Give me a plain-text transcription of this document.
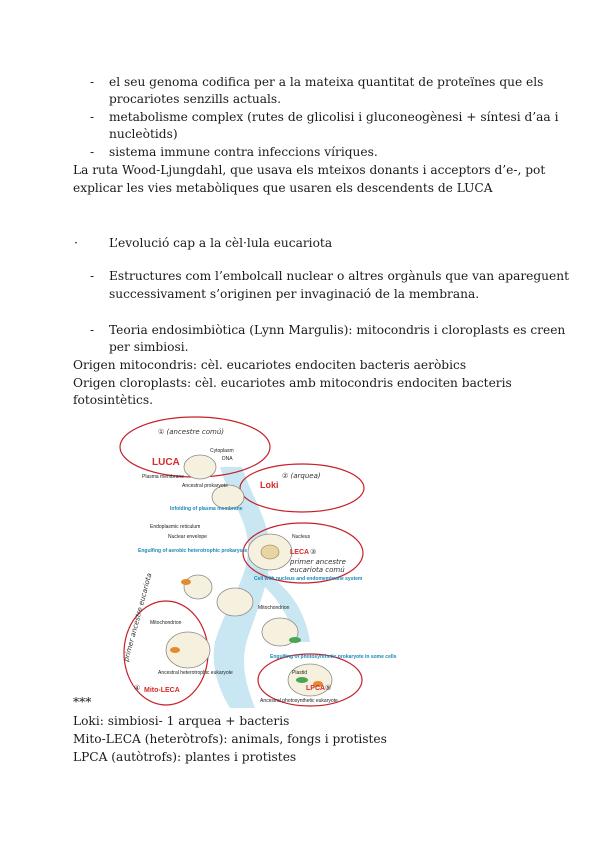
- el seu genoma codifica per a la mateixa quantitat de proteïnes que els
procariotes senzills actuals.
- metabolisme complex (rutes de glicolisi i gluconeogènesi + síntesi d’aa i
nucleòtids)
- sistema immune contra infeccions víriques.
La ruta Wood-Ljungdahl, que usava els mteixos donants i acceptors d’e-, pot
explicar les vies metabòliques que usaren els descendents de LUCA
·	L’evolució cap a la cèl·lula eucariota
- Estructures com l’embolcall nuclear o altres orgànuls que van apareguent
successivament s’originen per invaginació de la membrana.
- Teoria endosimbiòtica (Lynn Margulis): mitocondris i cloroplasts es creen
per simbiosi.
Origen mitocondris: cèl. eucariotes endociten bacteris aeròbics
Origen cloroplasts: cèl. eucariotes amb mitocondris endociten bacteris
fotosintètics.
LUCA
① (ancestre comú)
Cytoplasm
DNA
Plasma membrane
Ancestral prokaryote	Loki
② (arquea)
Infolding of plasma membrane
Endoplasmic reticulum
Nuclear envelope	Nucleus
LECA ③
primer ancestre
eucariota comú
Engulfing of aerobic heterotrophic prokaryote
Cell with nucleus and endomembrane system
Mitochondrion
Mitochondrion
Ancestral heterotrophic eukaryote
Engulfing of photosynthetic prokaryote in some cells
Plastid
Ancestral photosynthetic eukaryote
④ Mito-LECA	LPCA ⑤
primer ancestre eucariota
***
Loki: simbiosi- 1 arquea + bacteris
Mito-LECA (heteròtrofs): animals, fongs i protistes
LPCA (autòtrofs): plantes i protistes
